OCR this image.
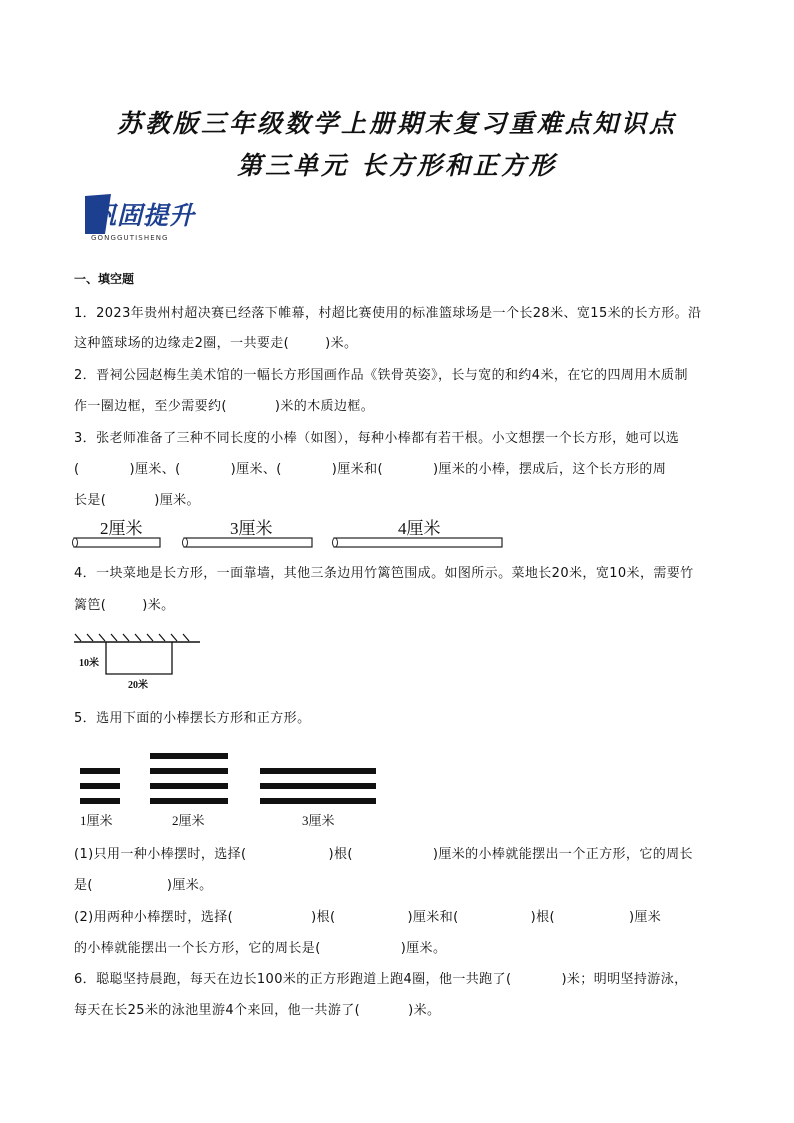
苏教版三年级数学上册期末复习重难点知识点
第三单元 长方形和正方形
巩固提升
GONGGUTISHENG
一、填空题
1．2023年贵州村超决赛已经落下帷幕，村超比赛使用的标准篮球场是一个长28米、宽15米的长方形。沿
这种篮球场的边缘走2圈，一共要走(	)米。
2．晋祠公园赵梅生美术馆的一幅长方形国画作品《铁骨英姿》，长与宽的和约4米，在它的四周用木质制
作一圈边框，至少需要约(	)米的木质边框。
3．张老师准备了三种不同长度的小棒（如图），每种小棒都有若干根。小文想摆一个长方形，她可以选
(	)厘米、(	)厘米、(	)厘米和(	)厘米的小棒，摆成后，这个长方形的周
长是(	)厘米。
2厘米	3厘米	4厘米
4．一块菜地是长方形，一面靠墙，其他三条边用竹篱笆围成。如图所示。菜地长20米，宽10米，需要竹
篱笆(	)米。
10米
20米
5．选用下面的小棒摆长方形和正方形。
1厘米	2厘米	3厘米
(1)只用一种小棒摆时，选择(	)根(	)厘米的小棒就能摆出一个正方形，它的周长
是(	)厘米。
(2)用两种小棒摆时，选择(	)根(	)厘米和(	)根(	)厘米
的小棒就能摆出一个长方形，它的周长是(	)厘米。
6．聪聪坚持晨跑，每天在边长100米的正方形跑道上跑4圈，他一共跑了(	)米；明明坚持游泳，
每天在长25米的泳池里游4个来回，他一共游了(	)米。
